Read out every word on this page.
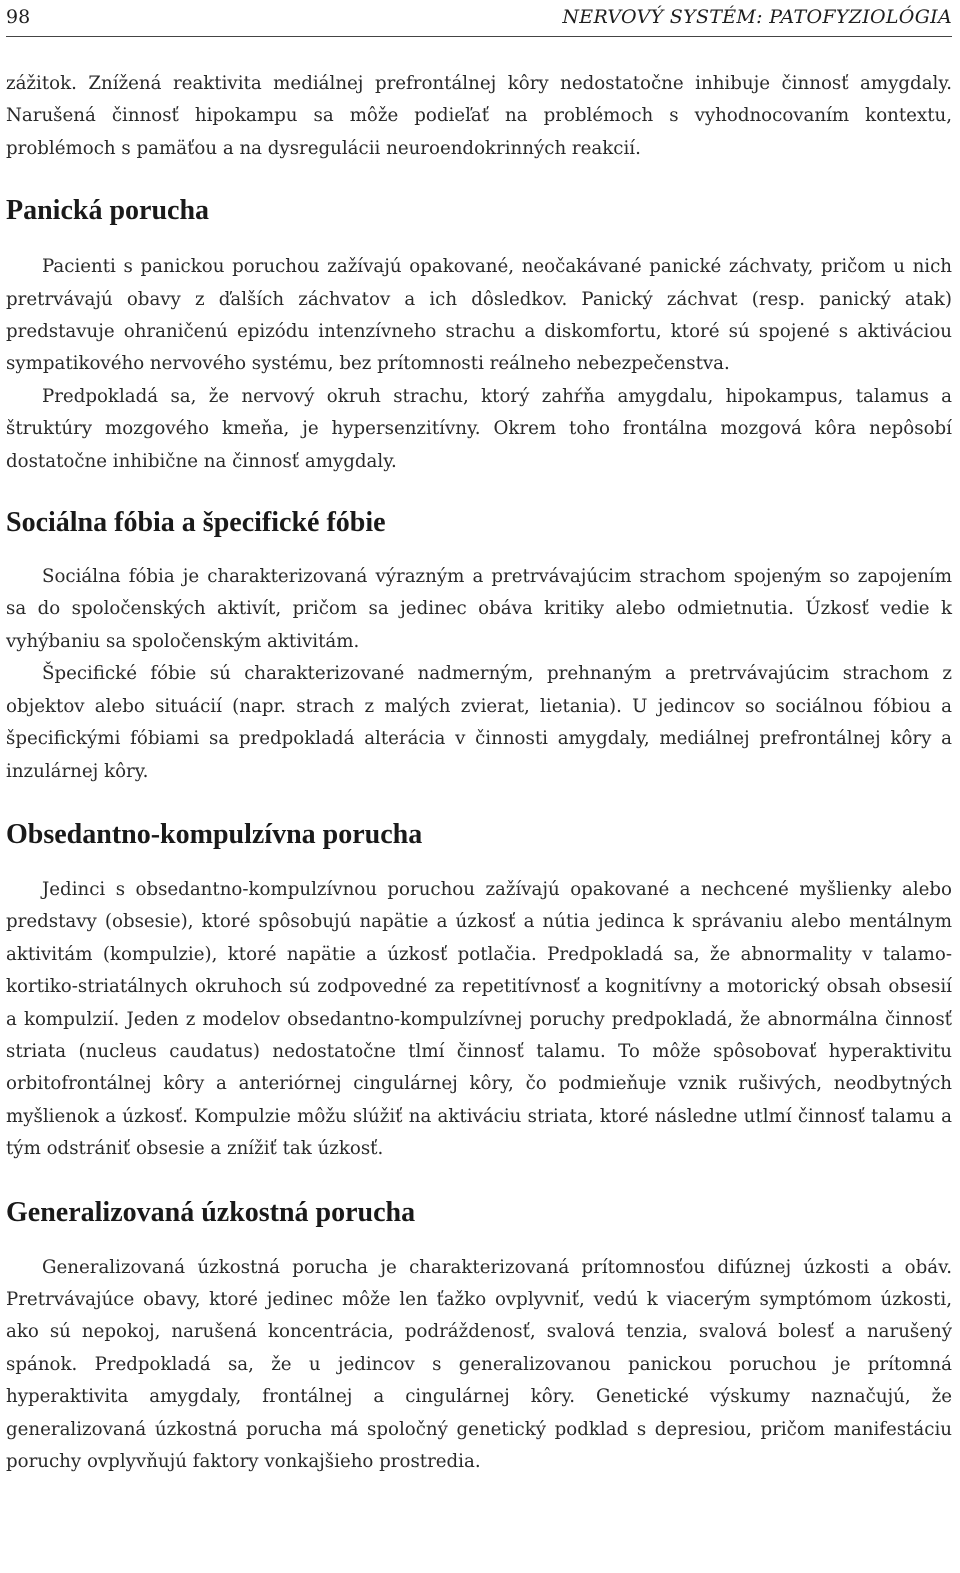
98	NERVOVÝ SYSTÉM: PATOFYZIOLÓGIA

zážitok. Znížená reaktivita mediálnej prefrontálnej kôry nedostatočne inhibuje činnosť amygdaly. Narušená činnosť hipokampu sa môže podieľať na problémoch s vyhodnocovaním kontextu, problémoch s pamäťou a na dysregulácii neuroendokrinných reakcií.

Panická porucha

Pacienti s panickou poruchou zažívajú opakované, neočakávané panické záchvaty, pričom u nich pretrvávajú obavy z ďalších záchvatov a ich dôsledkov. Panický záchvat (resp. panický atak) predstavuje ohraničenú epizódu intenzívneho strachu a diskomfortu, ktoré sú spojené s aktiváciou sympatikového nervového systému, bez prítomnosti reálneho nebezpečenstva.

Predpokladá sa, že nervový okruh strachu, ktorý zahŕňa amygdalu, hipokampus, talamus a štruktúry mozgového kmeňa, je hypersenzitívny. Okrem toho frontálna mozgová kôra nepôsobí dostatočne inhibične na činnosť amygdaly.

Sociálna fóbia a špecifické fóbie

Sociálna fóbia je charakterizovaná výrazným a pretrvávajúcim strachom spojeným so zapojením sa do spoločenských aktivít, pričom sa jedinec obáva kritiky alebo odmietnutia. Úzkosť vedie k vyhýbaniu sa spoločenským aktivitám.

Špecifické fóbie sú charakterizované nadmerným, prehnaným a pretrvávajúcim strachom z objektov alebo situácií (napr. strach z malých zvierat, lietania). U jedincov so sociálnou fóbiou a špecifickými fóbiami sa predpokladá alterácia v činnosti amygdaly, mediálnej prefrontálnej kôry a inzulárnej kôry.

Obsedantno-kompulzívna porucha

Jedinci s obsedantno-kompulzívnou poruchou zažívajú opakované a nechcené myšlienky alebo predstavy (obsesie), ktoré spôsobujú napätie a úzkosť a nútia jedinca k správaniu alebo mentálnym aktivitám (kompulzie), ktoré napätie a úzkosť potlačia. Predpokladá sa, že abnormality v talamo-kortiko-striatálnych okruhoch sú zodpovedné za repetitívnosť a kognitívny a motorický obsah obsesií a kompulzií. Jeden z modelov obsedantno-kompulzívnej poruchy predpokladá, že abnormálna činnosť striata (nucleus caudatus) nedostatočne tlmí činnosť talamu. To môže spôsobovať hyperaktivitu orbitofrontálnej kôry a anteriórnej cingulárnej kôry, čo podmieňuje vznik rušivých, neodbytných myšlienok a úzkosť. Kompulzie môžu slúžiť na aktiváciu striata, ktoré následne utlmí činnosť talamu a tým odstrániť obsesie a znížiť tak úzkosť.

Generalizovaná úzkostná porucha

Generalizovaná úzkostná porucha je charakterizovaná prítomnosťou difúznej úzkosti a obáv. Pretrvávajúce obavy, ktoré jedinec môže len ťažko ovplyvniť, vedú k viacerým symptómom úzkosti, ako sú nepokoj, narušená koncentrácia, podráždenosť, svalová tenzia, svalová bolesť a narušený spánok. Predpokladá sa, že u jedincov s generalizovanou panickou poruchou je prítomná hyperaktivita amygdaly, frontálnej a cingulárnej kôry. Genetické výskumy naznačujú, že generalizovaná úzkostná porucha má spoločný genetický podklad s depresiou, pričom manifestáciu poruchy ovplyvňujú faktory vonkajšieho prostredia.
